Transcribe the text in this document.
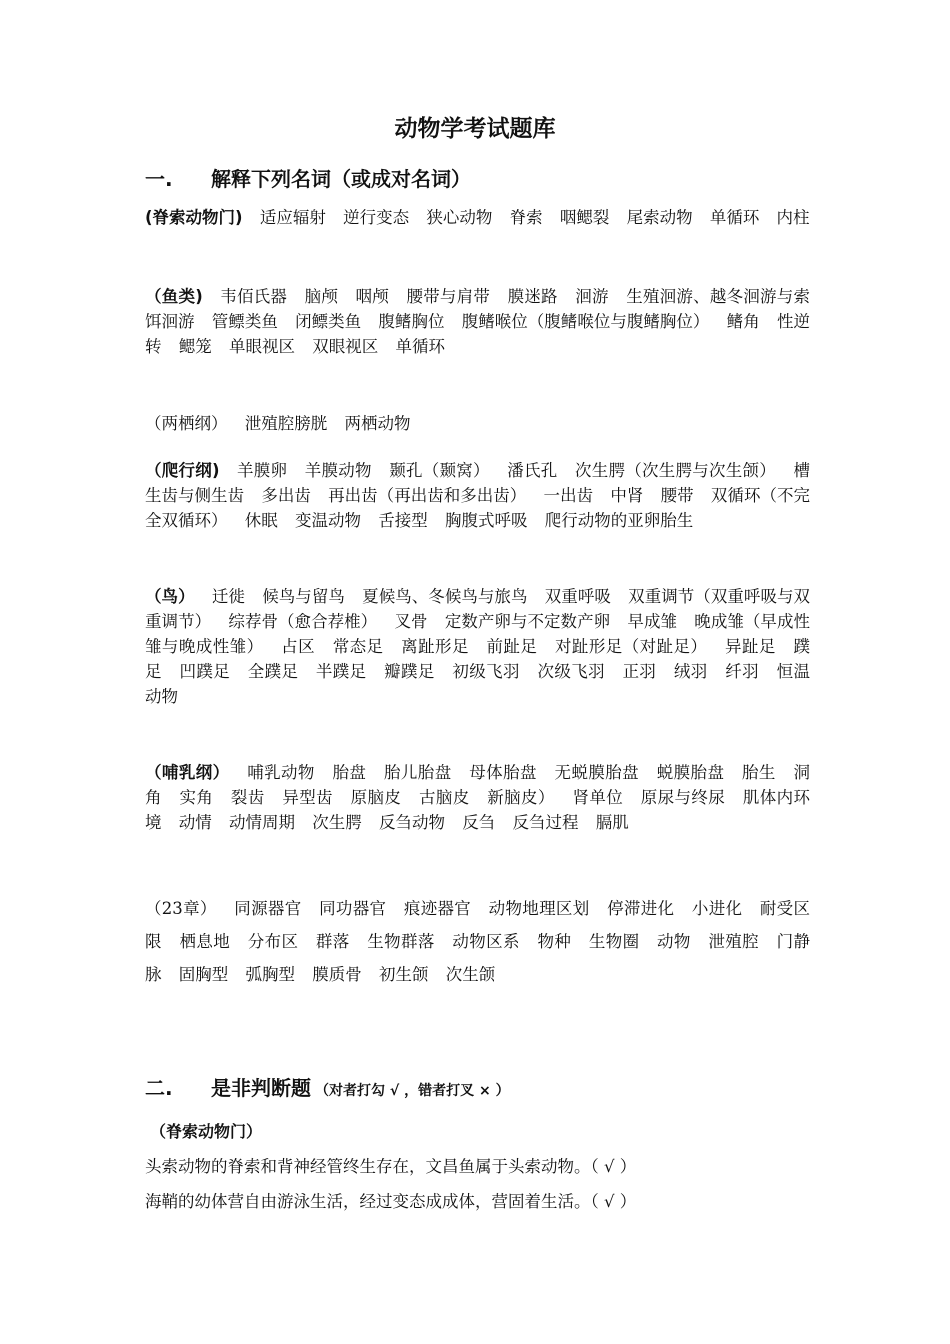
动物学考试题库
一. 解释下列名词（或成对名词）
(脊索动物门) 适应辐射 逆行变态 狭心动物 脊索 咽鳃裂 尾索动物 单循环 内柱
（鱼类) 韦佰氏器 脑颅 咽颅 腰带与肩带 膜迷路 洄游 生殖洄游、越冬洄游与索饵洄游 管鳔类鱼 闭鳔类鱼 腹鳍胸位 腹鳍喉位（腹鳍喉位与腹鳍胸位） 鳍角 性逆转 鳃笼 单眼视区 双眼视区 单循环
（两栖纲） 泄殖腔膀胱 两栖动物
（爬行纲) 羊膜卵 羊膜动物 颞孔（颞窝） 潘氏孔 次生腭（次生腭与次生颌） 槽生齿与侧生齿 多出齿 再出齿（再出齿和多出齿） 一出齿 中肾 腰带 双循环（不完全双循环） 休眠 变温动物 舌接型 胸腹式呼吸 爬行动物的亚卵胎生
（鸟） 迁徙 候鸟与留鸟 夏候鸟、冬候鸟与旅鸟 双重呼吸 双重调节（双重呼吸与双重调节） 综荐骨（愈合荐椎） 叉骨 定数产卵与不定数产卵 早成雏 晚成雏（早成性雏与晚成性雏） 占区 常态足 离趾形足 前趾足 对趾形足（对趾足） 异趾足 蹼足 凹蹼足 全蹼足 半蹼足 瓣蹼足 初级飞羽 次级飞羽 正羽 绒羽 纤羽 恒温动物
（哺乳纲） 哺乳动物 胎盘 胎儿胎盘 母体胎盘 无蜕膜胎盘 蜕膜胎盘 胎生 洞角 实角 裂齿 异型齿 原脑皮 古脑皮 新脑皮） 肾单位 原尿与终尿 肌体内环境 动情 动情周期 次生腭 反刍动物 反刍 反刍过程 膈肌
（23章） 同源器官 同功器官 痕迹器官 动物地理区划 停滞进化 小进化 耐受区限 栖息地 分布区 群落 生物群落 动物区系 物种 生物圈 动物 泄殖腔 门静脉 固胸型 弧胸型 膜质骨 初生颌 次生颌
二. 是非判断题 （对者打勾 √ ，错者打叉 × ）
（脊索动物门）
头索动物的脊索和背神经管终生存在，文昌鱼属于头索动物。（ √ ）
海鞘的幼体营自由游泳生活，经过变态成成体，营固着生活。（ √ ）
